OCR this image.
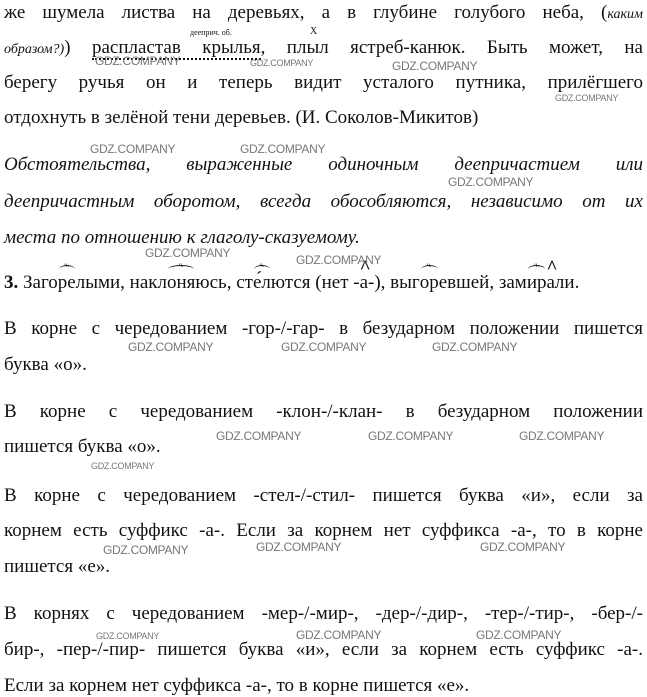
же шумела листва на деревьях, а в глубине голубого неба, (каким
дееприч. об.	X
образом?)) распластав крылья, плыл ястреб-канюк. Быть может, на
берегу ручья он и теперь видит усталого путника, прилёгшего
отдохнуть в зелёной тени деревьев. (И. Соколов-Микитов)
Обстоятельства, выраженные одиночным деепричастием или
деепричастным оборотом, всегда обособляются, независимо от их
места по отношению к глаголу-сказуемому.
3. Заго
ч.
релыми, накл
ч.
оняюсь, ст
ч.
е́лются (нет -а ^-), выг
ч.
оревшей, зам
ч.
ира ^ли.
В корне с чередованием -гор-/-гар- в безударном положении пишется
буква «о».
В корне с чередованием -клон-/-клан- в безударном положении
пишется буква «о».
В корне с чередованием -стел-/-стил- пишется буква «и», если за
корнем есть суффикс -а-. Если за корнем нет суффикса -а-, то в корне
пишется «е».
В корнях с чередованием -мер-/-мир-, -дер-/-дир-, -тер-/-тир-, -бер-/-
бир-, -пер-/-пир- пишется буква «и», если за корнем есть суффикс -а-.
Если за корнем нет суффикса -а-, то в корне пишется «е».
GDZ.COMPANY	GDZ.COMPANY	GDZ.COMPANY
GDZ.COMPANY
GDZ.COMPANY	GDZ.COMPANY
GDZ.COMPANY
GDZ.COMPANY	GDZ.COMPANY
GDZ.COMPANY	GDZ.COMPANY	GDZ.COMPANY
GDZ.COMPANY	GDZ.COMPANY	GDZ.COMPANY
GDZ.COMPANY
GDZ.COMPANY	GDZ.COMPANY	GDZ.COMPANY
GDZ.COMPANY	GDZ.COMPANY	GDZ.COMPANY
